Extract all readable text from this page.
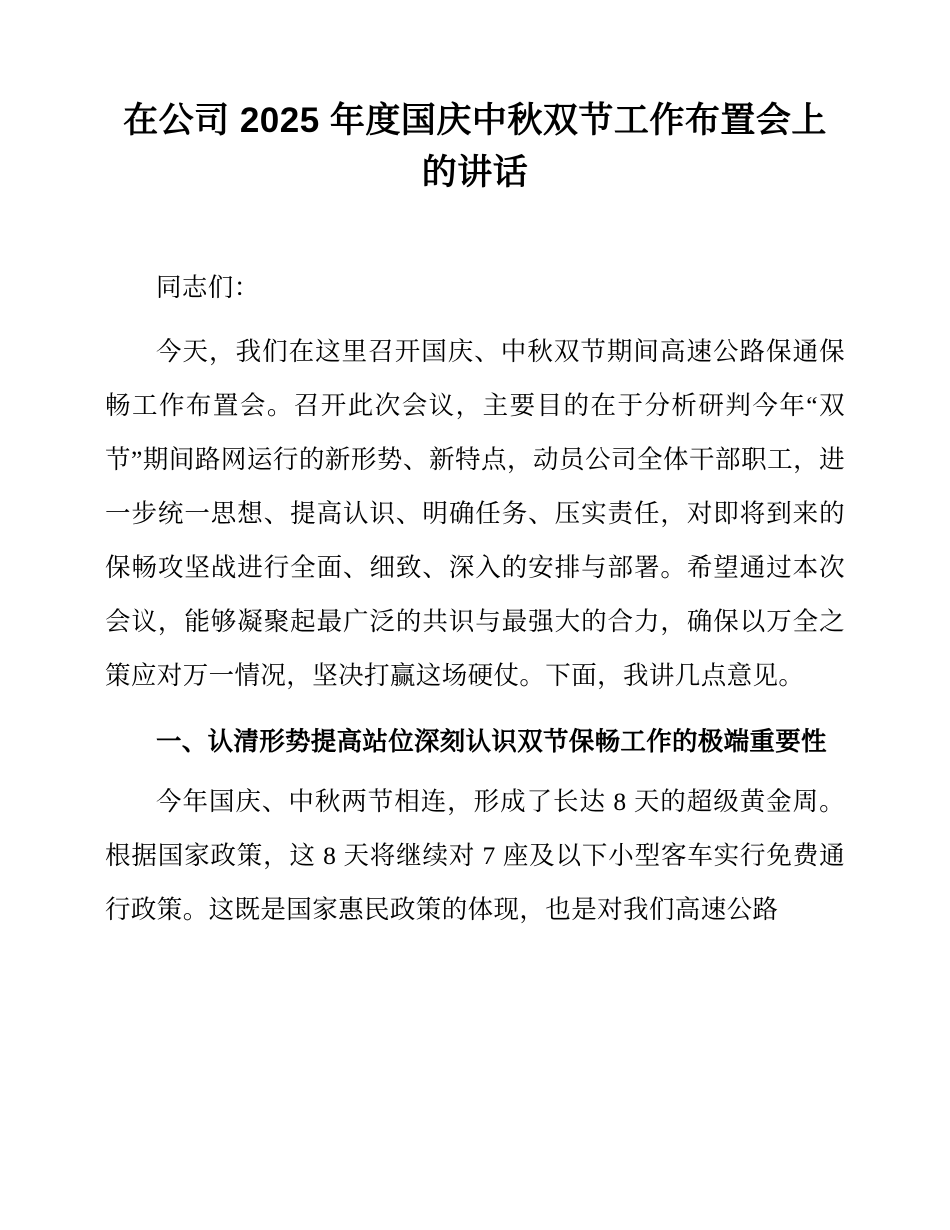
在公司 2025 年度国庆中秋双节工作布置会上的讲话

同志们：

今天，我们在这里召开国庆、中秋双节期间高速公路保通保畅工作布置会。召开此次会议，主要目的在于分析研判今年“双节”期间路网运行的新形势、新特点，动员公司全体干部职工，进一步统一思想、提高认识、明确任务、压实责任，对即将到来的保畅攻坚战进行全面、细致、深入的安排与部署。希望通过本次会议，能够凝聚起最广泛的共识与最强大的合力，确保以万全之策应对万一情况，坚决打赢这场硬仗。下面，我讲几点意见。

一、认清形势提高站位深刻认识双节保畅工作的极端重要性

今年国庆、中秋两节相连，形成了长达 8 天的超级黄金周。根据国家政策，这 8 天将继续对 7 座及以下小型客车实行免费通行政策。这既是国家惠民政策的体现，也是对我们高速公路
